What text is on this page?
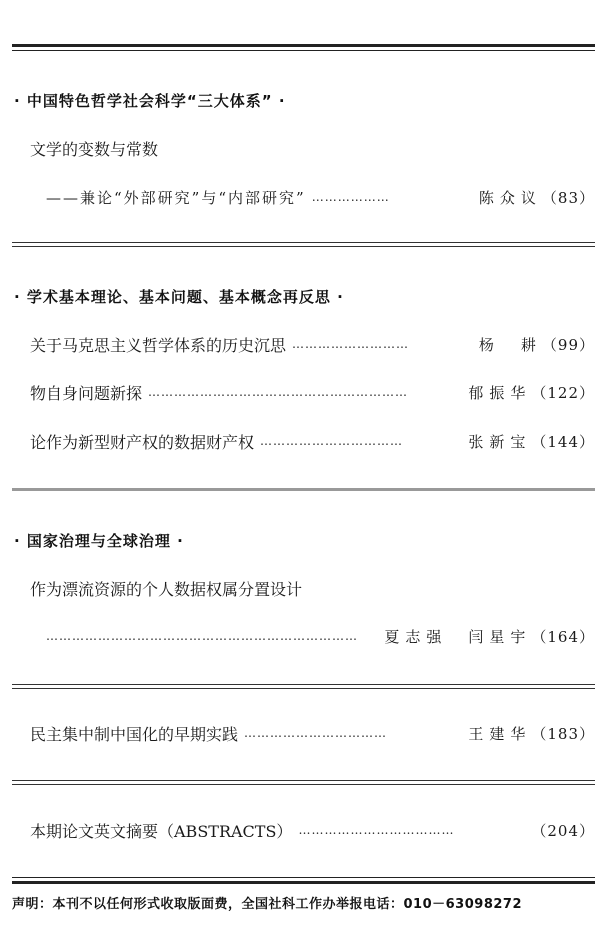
· 中国特色哲学社会科学“三大体系” ·
文学的变数与常数
——兼论“外部研究”与“内部研究” ………………	陈众议 （83）
· 学术基本理论、基本问题、基本概念再反思 ·
关于马克思主义哲学体系的历史沉思 ………………………	杨　耕 （99）
物自身问题新探 ……………………………………………………	郁振华 （122）
论作为新型财产权的数据财产权 ……………………………	张新宝 （144）
· 国家治理与全球治理 ·
作为漂流资源的个人数据权属分置设计
………………………………………………………………	夏志强　闫星宇 （164）
民主集中制中国化的早期实践 ……………………………	王建华 （183）
本期论文英文摘要（ABSTRACTS） ………………………………	（204）
声明：本刊不以任何形式收取版面费，全国社科工作办举报电话：010－63098272
